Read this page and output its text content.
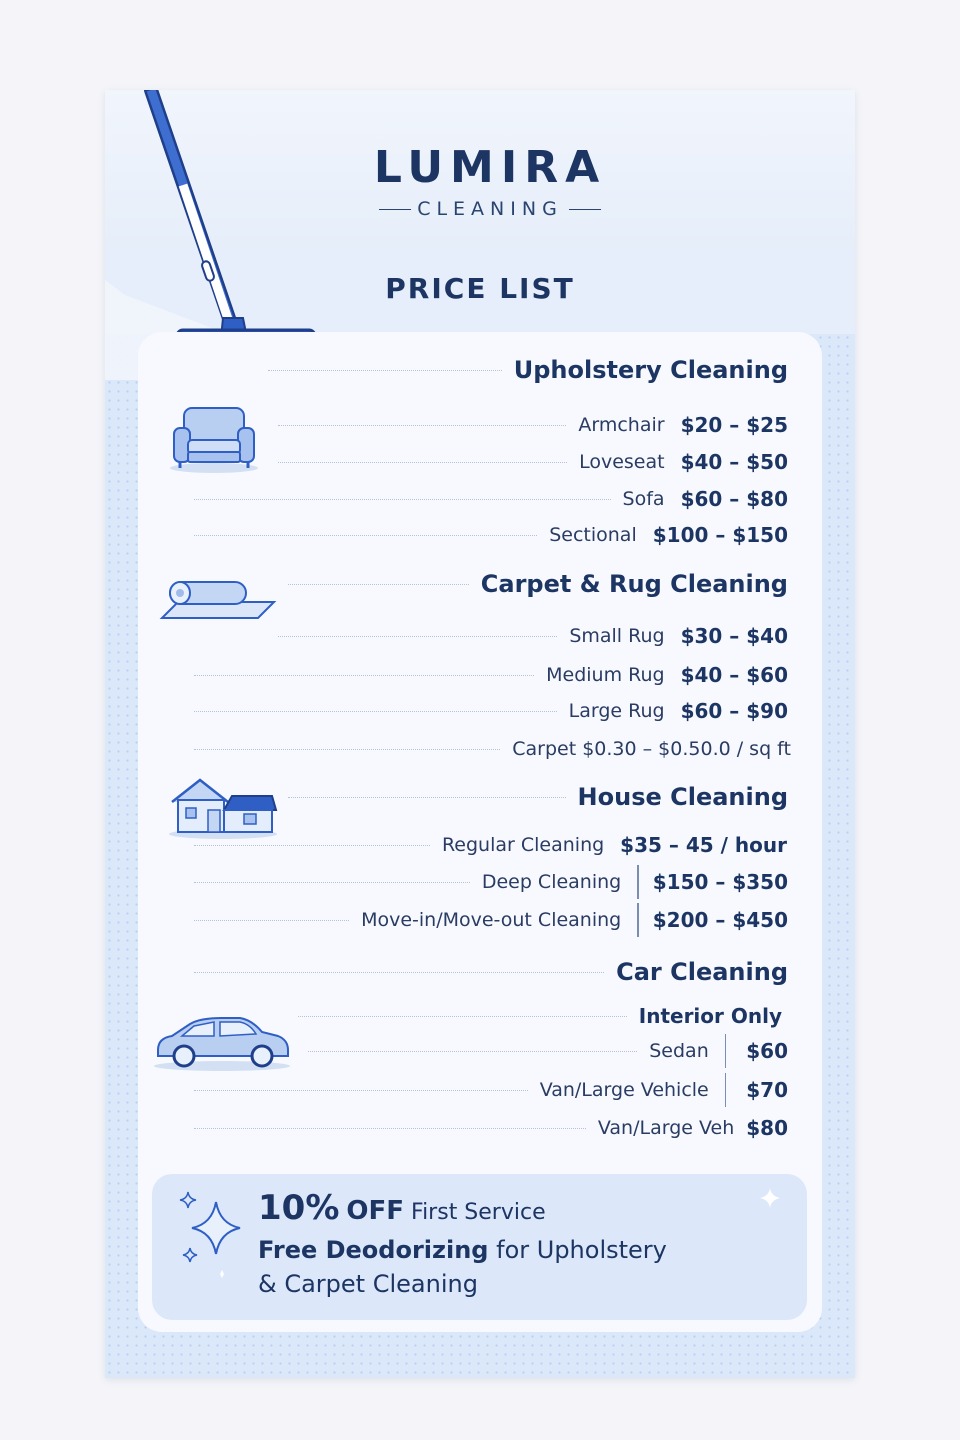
LUMIRA
CLEANING
PRICE LIST
Upholstery Cleaning
Armchair $20 – $25
Loveseat $40 – $50
Sofa $60 – $80
Sectional $100 – $150
Carpet & Rug Cleaning
Small Rug $30 – $40
Medium Rug $40 – $60
Large Rug $60 – $90
Carpet $0.30 – $0.50.0 / sq ft
House Cleaning
Regular Cleaning $35 – 45 / hour
Deep Cleaning $150 – $350
Move-in/Move-out Cleaning $200 – $450
Car Cleaning
Interior Only
Sedan $60
Van/Large Vehicle $70
Van/Large Veh $80
10% OFF First Service
Free Deodorizing for Upholstery
& Carpet Cleaning
